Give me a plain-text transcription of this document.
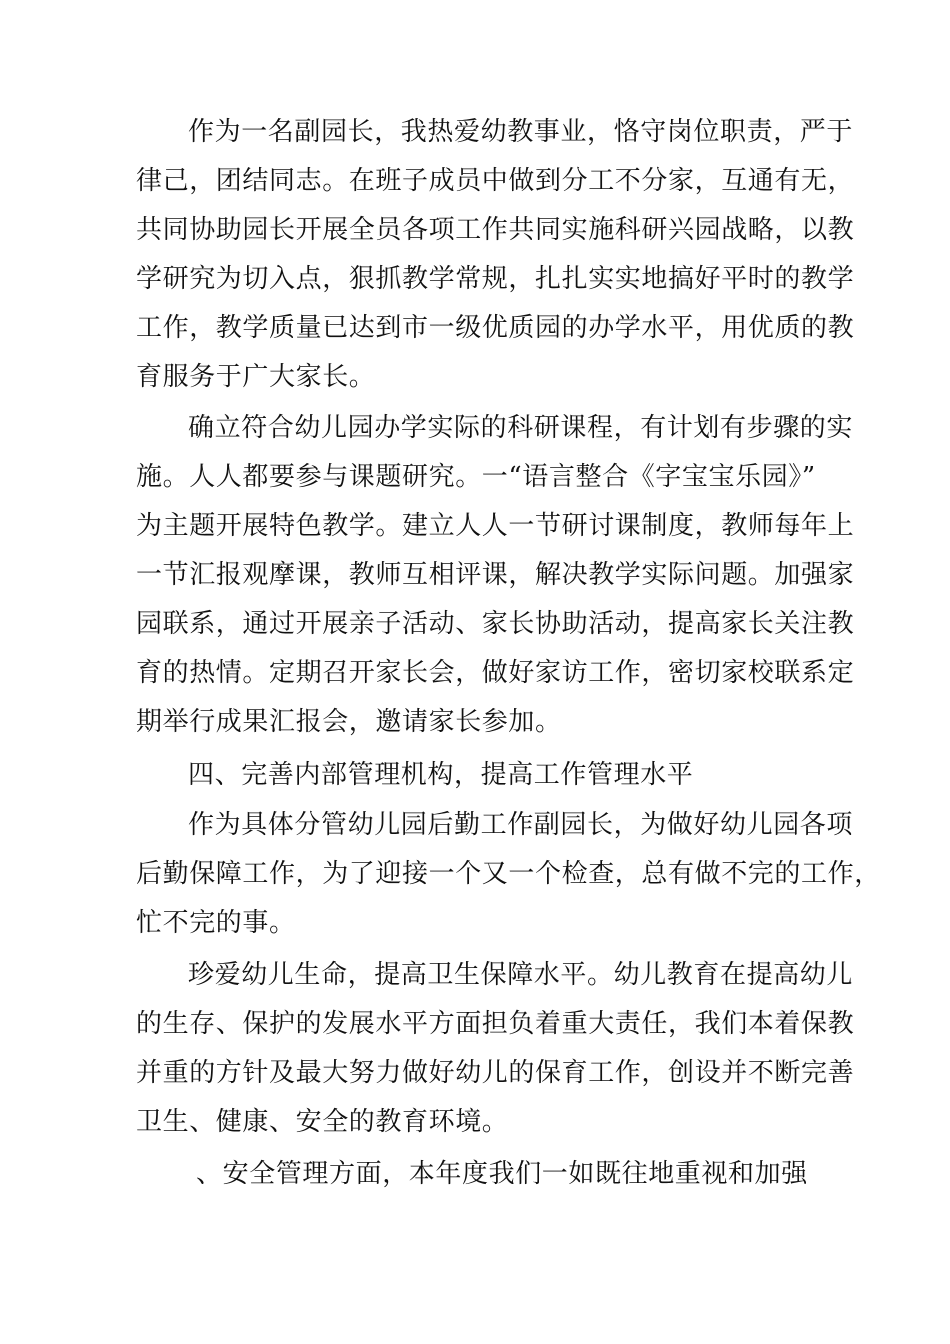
作为一名副园长，我热爱幼教事业，恪守岗位职责，严于
律己，团结同志。在班子成员中做到分工不分家，互通有无，
共同协助园长开展全员各项工作共同实施科研兴园战略，以教
学研究为切入点，狠抓教学常规，扎扎实实地搞好平时的教学
工作，教学质量已达到市一级优质园的办学水平，用优质的教
育服务于广大家长。
确立符合幼儿园办学实际的科研课程，有计划有步骤的实
施。人人都要参与课题研究。一“语言整合《字宝宝乐园》”
为主题开展特色教学。建立人人一节研讨课制度，教师每年上
一节汇报观摩课，教师互相评课，解决教学实际问题。加强家
园联系，通过开展亲子活动、家长协助活动，提高家长关注教
育的热情。定期召开家长会，做好家访工作，密切家校联系定
期举行成果汇报会，邀请家长参加。
四、完善内部管理机构，提高工作管理水平
作为具体分管幼儿园后勤工作副园长，为做好幼儿园各项
后勤保障工作，为了迎接一个又一个检查，总有做不完的工作，
忙不完的事。
珍爱幼儿生命，提高卫生保障水平。幼儿教育在提高幼儿
的生存、保护的发展水平方面担负着重大责任，我们本着保教
并重的方针及最大努力做好幼儿的保育工作，创设并不断完善
卫生、健康、安全的教育环境。
、安全管理方面，本年度我们一如既往地重视和加强
